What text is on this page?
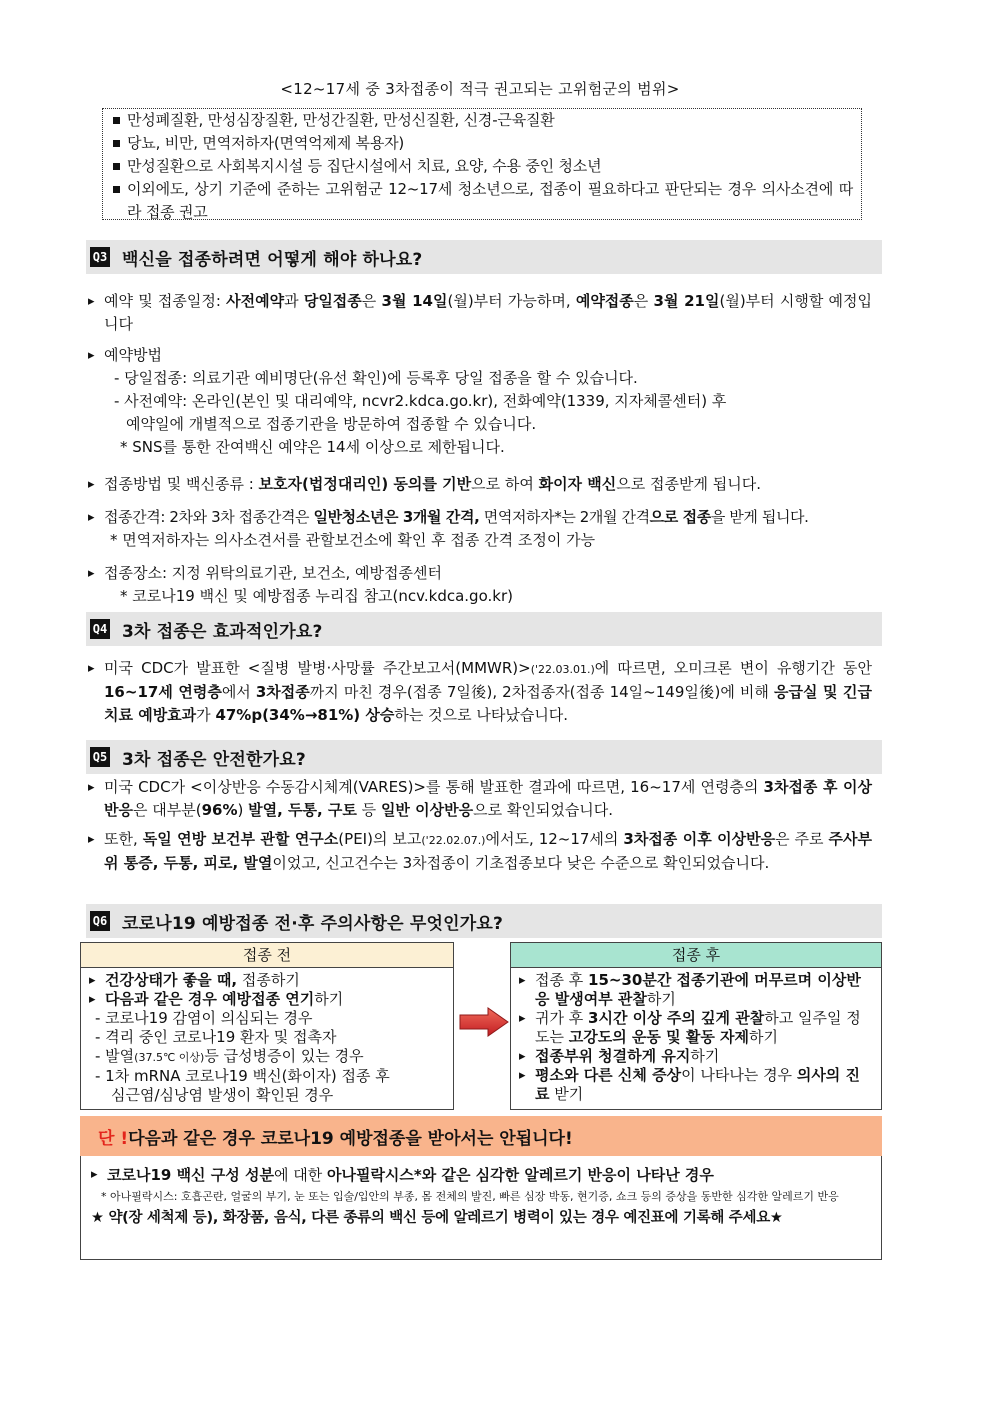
<12~17세 중 3차접종이 적극 권고되는 고위험군의 범위>
만성폐질환, 만성심장질환, 만성간질환, 만성신질환, 신경-근육질환
당뇨, 비만, 면역저하자(면역억제제 복용자)
만성질환으로 사회복지시설 등 집단시설에서 치료, 요양, 수용 중인 청소년
이외에도, 상기 기준에 준하는 고위험군 12~17세 청소년으로, 접종이 필요하다고 판단되는 경우 의사소견에 따라 접종 권고
Q3 백신을 접종하려면 어떻게 해야 하나요?
▸ 예약 및 접종일정: 사전예약과 당일접종은 3월 14일(월)부터 가능하며, 예약접종은 3월 21일(월)부터 시행할 예정입니다
▸ 예약방법
- 당일접종: 의료기관 예비명단(유선 확인)에 등록후 당일 접종을 할 수 있습니다.
- 사전예약: 온라인(본인 및 대리예약, ncvr2.kdca.go.kr), 전화예약(1339, 지자체콜센터) 후
예약일에 개별적으로 접종기관을 방문하여 접종할 수 있습니다.
* SNS를 통한 잔여백신 예약은 14세 이상으로 제한됩니다.
▸ 접종방법 및 백신종류 : 보호자(법정대리인) 동의를 기반으로 하여 화이자 백신으로 접종받게 됩니다.
▸ 접종간격: 2차와 3차 접종간격은 일반청소년은 3개월 간격, 면역저하자*는 2개월 간격으로 접종을 받게 됩니다.
* 면역저하자는 의사소견서를 관할보건소에 확인 후 접종 간격 조정이 가능
▸ 접종장소: 지정 위탁의료기관, 보건소, 예방접종센터
* 코로나19 백신 및 예방접종 누리집 참고(ncv.kdca.go.kr)
Q4 3차 접종은 효과적인가요?
▸ 미국 CDC가 발표한 <질병 발병·사망률 주간보고서(MMWR)>('22.03.01.)에 따르면, 오미크론 변이 유행기간 동안 16~17세 연령층에서 3차접종까지 마친 경우(접종 7일後), 2차접종자(접종 14일~149일後)에 비해 응급실 및 긴급치료 예방효과가 47%p(34%→81%) 상승하는 것으로 나타났습니다.
Q5 3차 접종은 안전한가요?
▸ 미국 CDC가 <이상반응 수동감시체계(VARES)>를 통해 발표한 결과에 따르면, 16~17세 연령층의 3차접종 후 이상반응은 대부분(96%) 발열, 두통, 구토 등 일반 이상반응으로 확인되었습니다.
▸ 또한, 독일 연방 보건부 관할 연구소(PEI)의 보고('22.02.07.)에서도, 12~17세의 3차접종 이후 이상반응은 주로 주사부위 통증, 두통, 피로, 발열이었고, 신고건수는 3차접종이 기초접종보다 낮은 수준으로 확인되었습니다.
Q6 코로나19 예방접종 전·후 주의사항은 무엇인가요?
접종 전
▸ 건강상태가 좋을 때, 접종하기
▸ 다음과 같은 경우 예방접종 연기하기
- 코로나19 감염이 의심되는 경우
- 격리 중인 코로나19 환자 및 접촉자
- 발열(37.5℃ 이상)등 급성병증이 있는 경우
- 1차 mRNA 코로나19 백신(화이자) 접종 후
심근염/심낭염 발생이 확인된 경우
접종 후
▸ 접종 후 15~30분간 접종기관에 머무르며 이상반응 발생여부 관찰하기
▸ 귀가 후 3시간 이상 주의 깊게 관찰하고 일주일 정도는 고강도의 운동 및 활동 자제하기
▸ 접종부위 청결하게 유지하기
▸ 평소와 다른 신체 증상이 나타나는 경우 의사의 진료 받기
단 ! 다음과 같은 경우 코로나19 예방접종을 받아서는 안됩니다!
▸ 코로나19 백신 구성 성분에 대한 아나필락시스*와 같은 심각한 알레르기 반응이 나타난 경우
* 아나필락시스: 호흡곤란, 얼굴의 부기, 눈 또는 입술/입안의 부종, 몸 전체의 발진, 빠른 심장 박동, 현기증, 쇼크 등의 증상을 동반한 심각한 알레르기 반응
★ 약(장 세척제 등), 화장품, 음식, 다른 종류의 백신 등에 알레르기 병력이 있는 경우 예진표에 기록해 주세요★
